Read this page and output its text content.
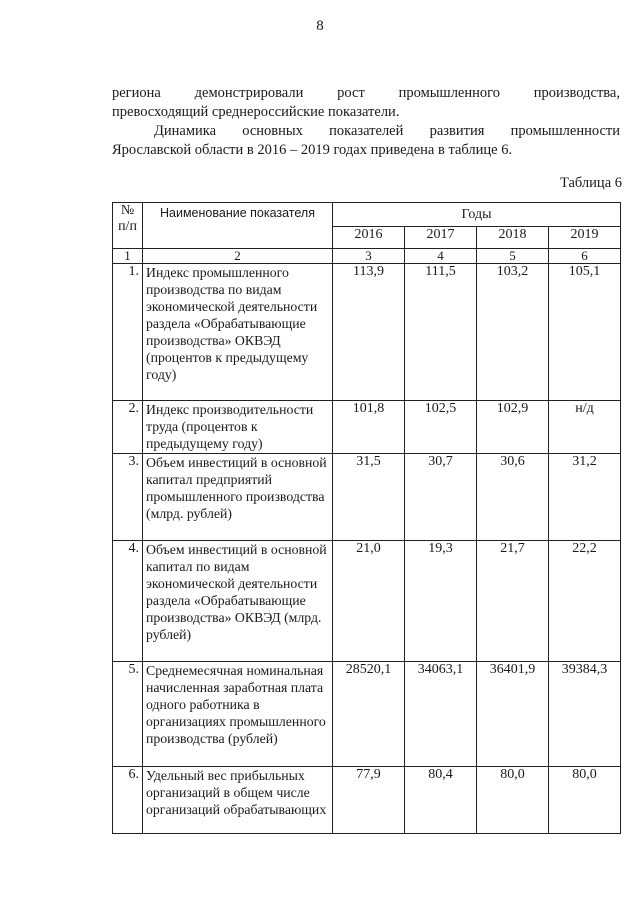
8
региона демонстрировали рост промышленного производства,
превосходящий среднероссийские показатели.
Динамика основных показателей развития промышленности
Ярославской области в 2016 – 2019 годах приведена в таблице 6.
Таблица 6
№ п/п	Наименование показателя	Годы			
		2016	2017	2018	2019
1	2	3	4	5	6
1.	Индекс промышленного производства по видам экономической деятельности раздела «Обрабатывающие производства» ОКВЭД (процентов к предыдущему году)	113,9	111,5	103,2	105,1
2.	Индекс производительности труда (процентов к предыдущему году)	101,8	102,5	102,9	н/д
3.	Объем инвестиций в основной капитал предприятий промышленного производства (млрд. рублей)	31,5	30,7	30,6	31,2
4.	Объем инвестиций в основной капитал по видам экономической деятельности раздела «Обрабатывающие производства» ОКВЭД (млрд. рублей)	21,0	19,3	21,7	22,2
5.	Среднемесячная номинальная начисленная заработная плата одного работника в организациях промышленного производства (рублей)	28520,1	34063,1	36401,9	39384,3
6.	Удельный вес прибыльных организаций в общем числе организаций обрабатывающих	77,9	80,4	80,0	80,0
